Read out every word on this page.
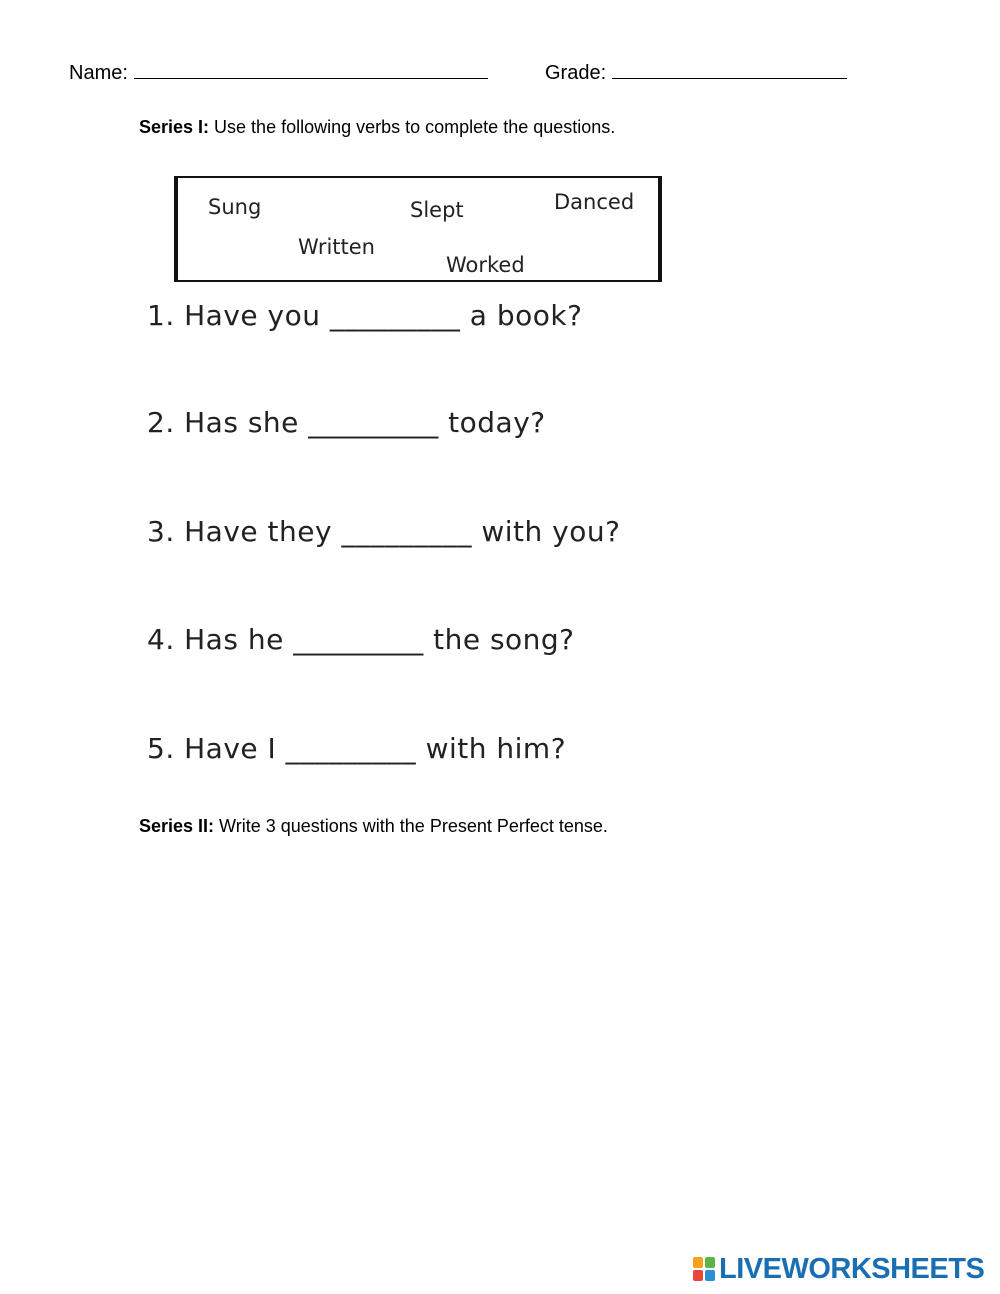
Name:	Grade:
Series I: Use the following verbs to complete the questions.
Sung	Slept	Danced
Written
Worked
1. Have you _________ a book?
2. Has she _________ today?
3. Have they _________ with you?
4. Has he _________ the song?
5. Have I _________ with him?
Series II: Write 3 questions with the Present Perfect tense.
LIVEWORKSHEETS
